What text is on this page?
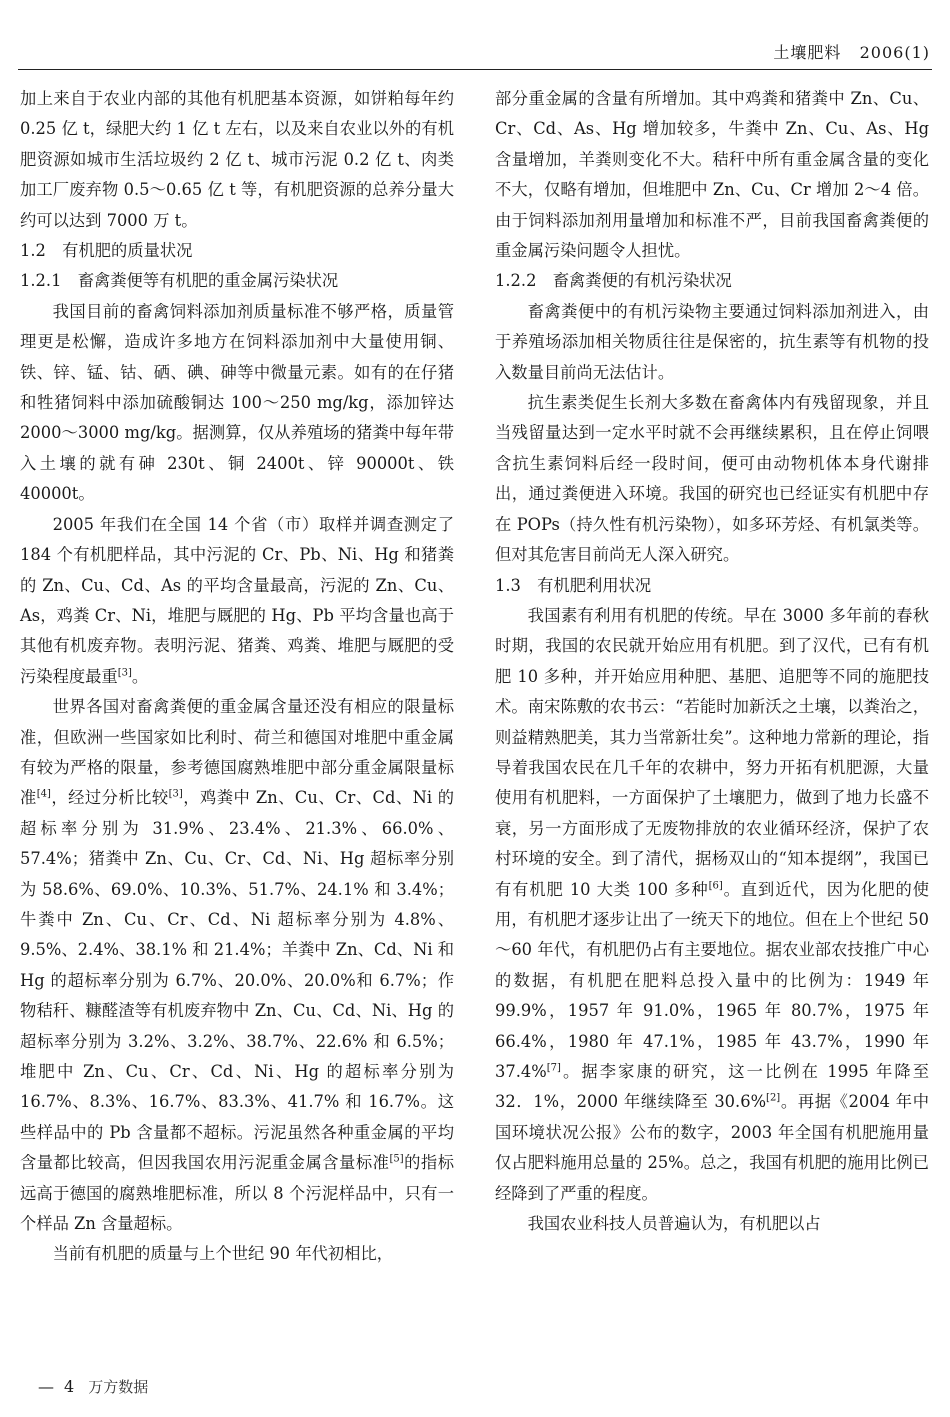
土壤肥料 2006(1)

加上来自于农业内部的其他有机肥基本资源，如饼粕每年约 0.25 亿 t，绿肥大约 1 亿 t 左右，以及来自农业以外的有机肥资源如城市生活垃圾约 2 亿 t、城市污泥 0.2 亿 t、肉类加工厂废弃物 0.5～0.65 亿 t 等，有机肥资源的总养分量大约可以达到 7000 万 t。

1.2　有机肥的质量状况
1.2.1　畜禽粪便等有机肥的重金属污染状况

我国目前的畜禽饲料添加剂质量标准不够严格，质量管理更是松懈，造成许多地方在饲料添加剂中大量使用铜、铁、锌、锰、钴、硒、碘、砷等中微量元素。如有的在仔猪和牲猪饲料中添加硫酸铜达 100～250 mg/kg，添加锌达 2000～3000 mg/kg。据测算，仅从养殖场的猪粪中每年带入土壤的就有砷 230t、铜 2400t、锌 90000t、铁 40000t。

2005 年我们在全国 14 个省（市）取样并调查测定了 184 个有机肥样品，其中污泥的 Cr、Pb、Ni、Hg 和猪粪的 Zn、Cu、Cd、As 的平均含量最高，污泥的 Zn、Cu、As，鸡粪 Cr、Ni，堆肥与厩肥的 Hg、Pb 平均含量也高于其他有机废弃物。表明污泥、猪粪、鸡粪、堆肥与厩肥的受污染程度最重[3]。

世界各国对畜禽粪便的重金属含量还没有相应的限量标准，但欧洲一些国家如比利时、荷兰和德国对堆肥中重金属有较为严格的限量，参考德国腐熟堆肥中部分重金属限量标准[4]，经过分析比较[3]，鸡粪中 Zn、Cu、Cr、Cd、Ni 的超标率分别为 31.9%、23.4%、21.3%、66.0%、57.4%；猪粪中 Zn、Cu、Cr、Cd、Ni、Hg 超标率分别为 58.6%、69.0%、10.3%、51.7%、24.1% 和 3.4%；牛粪中 Zn、Cu、Cr、Cd、Ni 超标率分别为 4.8%、9.5%、2.4%、38.1% 和 21.4%；羊粪中 Zn、Cd、Ni 和 Hg 的超标率分别为 6.7%、20.0%、20.0%和 6.7%；作物秸秆、糠醛渣等有机废弃物中 Zn、Cu、Cd、Ni、Hg 的超标率分别为 3.2%、3.2%、38.7%、22.6% 和 6.5%；堆肥中 Zn、Cu、Cr、Cd、Ni、Hg 的超标率分别为 16.7%、8.3%、16.7%、83.3%、41.7% 和 16.7%。这些样品中的 Pb 含量都不超标。污泥虽然各种重金属的平均含量都比较高，但因我国农用污泥重金属含量标准[5]的指标远高于德国的腐熟堆肥标准，所以 8 个污泥样品中，只有一个样品 Zn 含量超标。

当前有机肥的质量与上个世纪 90 年代初相比，

部分重金属的含量有所增加。其中鸡粪和猪粪中 Zn、Cu、Cr、Cd、As、Hg 增加较多，牛粪中 Zn、Cu、As、Hg 含量增加，羊粪则变化不大。秸秆中所有重金属含量的变化不大，仅略有增加，但堆肥中 Zn、Cu、Cr 增加 2～4 倍。由于饲料添加剂用量增加和标准不严，目前我国畜禽粪便的重金属污染问题令人担忧。

1.2.2　畜禽粪便的有机污染状况

畜禽粪便中的有机污染物主要通过饲料添加剂进入，由于养殖场添加相关物质往往是保密的，抗生素等有机物的投入数量目前尚无法估计。

抗生素类促生长剂大多数在畜禽体内有残留现象，并且当残留量达到一定水平时就不会再继续累积，且在停止饲喂含抗生素饲料后经一段时间，便可由动物机体本身代谢排出，通过粪便进入环境。我国的研究也已经证实有机肥中存在 POPs（持久性有机污染物），如多环芳烃、有机氯类等。但对其危害目前尚无人深入研究。

1.3　有机肥利用状况

我国素有利用有机肥的传统。早在 3000 多年前的春秋时期，我国的农民就开始应用有机肥。到了汉代，已有有机肥 10 多种，并开始应用种肥、基肥、追肥等不同的施肥技术。南宋陈敷的农书云：“若能时加新沃之土壤，以粪治之，则益精熟肥美，其力当常新壮矣”。这种地力常新的理论，指导着我国农民在几千年的农耕中，努力开拓有机肥源，大量使用有机肥料，一方面保护了土壤肥力，做到了地力长盛不衰，另一方面形成了无废物排放的农业循环经济，保护了农村环境的安全。到了清代，据杨双山的“知本提纲”，我国已有有机肥 10 大类 100 多种[6]。直到近代，因为化肥的使用，有机肥才逐步让出了一统天下的地位。但在上个世纪 50～60 年代，有机肥仍占有主要地位。据农业部农技推广中心的数据，有机肥在肥料总投入量中的比例为：1949 年 99.9%，1957 年 91.0%，1965 年 80.7%，1975 年 66.4%，1980 年 47.1%，1985 年 43.7%，1990 年 37.4%[7]。据李家康的研究，这一比例在 1995 年降至 32．1%，2000 年继续降至 30.6%[2]。再据《2004 年中国环境状况公报》公布的数字，2003 年全国有机肥施用量仅占肥料施用总量的 25%。总之，我国有机肥的施用比例已经降到了严重的程度。

我国农业科技人员普遍认为，有机肥以占

— 4 万方数据
